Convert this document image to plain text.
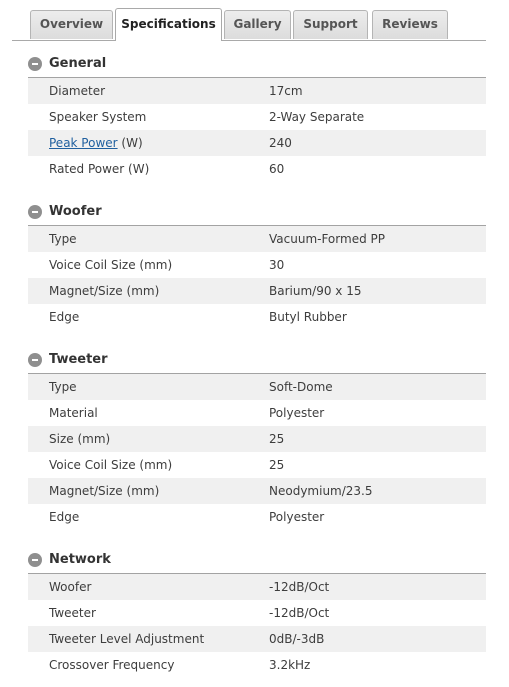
Overview	Specifications	Gallery	Support	Reviews
General
Diameter	17cm
Speaker System	2-Way Separate
Peak Power (W)	240
Rated Power (W)	60
Woofer
Type	Vacuum-Formed PP
Voice Coil Size (mm)	30
Magnet/Size (mm)	Barium/90 x 15
Edge	Butyl Rubber
Tweeter
Type	Soft-Dome
Material	Polyester
Size (mm)	25
Voice Coil Size (mm)	25
Magnet/Size (mm)	Neodymium/23.5
Edge	Polyester
Network
Woofer	-12dB/Oct
Tweeter	-12dB/Oct
Tweeter Level Adjustment	0dB/-3dB
Crossover Frequency	3.2kHz
